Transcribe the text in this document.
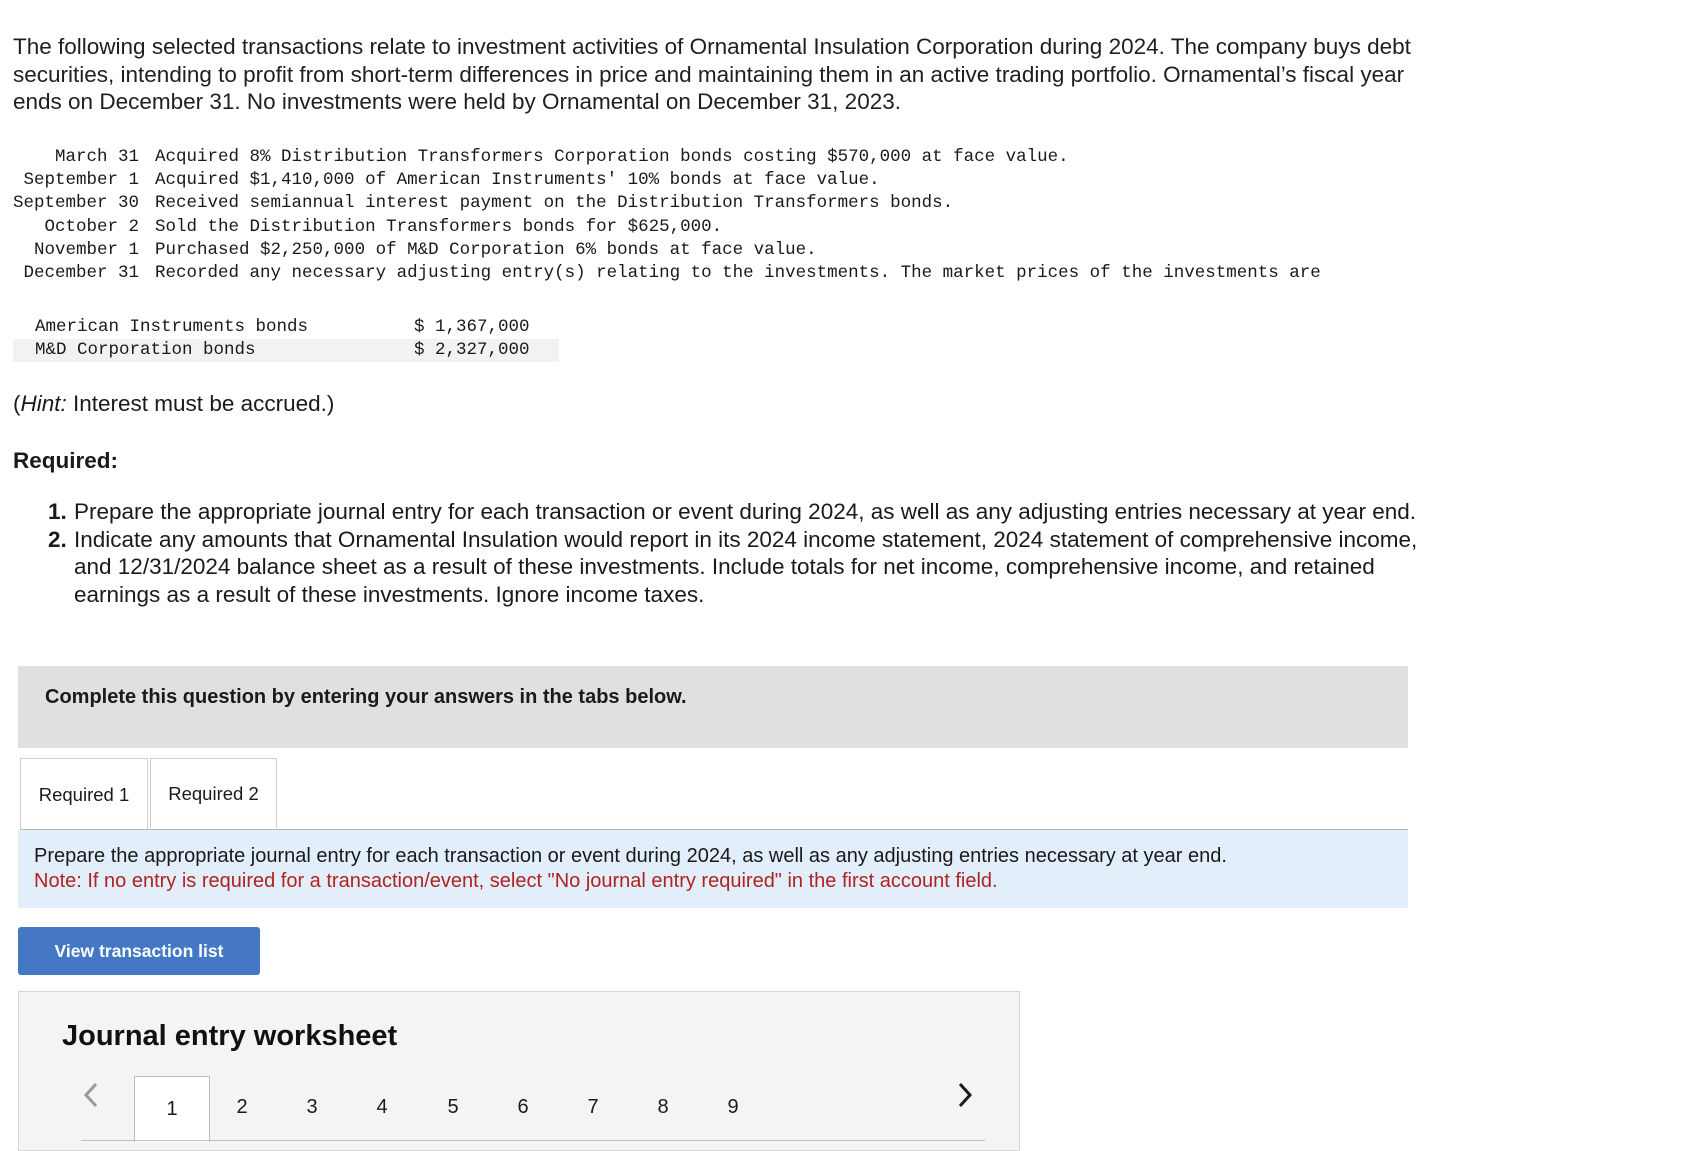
The following selected transactions relate to investment activities of Ornamental Insulation Corporation during 2024. The company buys debt securities, intending to profit from short-term differences in price and maintaining them in an active trading portfolio. Ornamental’s fiscal year ends on December 31. No investments were held by Ornamental on December 31, 2023.

March 31	Acquired 8% Distribution Transformers Corporation bonds costing $570,000 at face value.
September 1	Acquired $1,410,000 of American Instruments' 10% bonds at face value.
September 30	Received semiannual interest payment on the Distribution Transformers bonds.
October 2	Sold the Distribution Transformers bonds for $625,000.
November 1	Purchased $2,250,000 of M&D Corporation 6% bonds at face value.
December 31	Recorded any necessary adjusting entry(s) relating to the investments. The market prices of the investments are
American Instruments bonds	$ 1,367,000
M&D Corporation bonds	$ 2,327,000
(Hint: Interest must be accrued.)
Required:
1. Prepare the appropriate journal entry for each transaction or event during 2024, as well as any adjusting entries necessary at year end.
2. Indicate any amounts that Ornamental Insulation would report in its 2024 income statement, 2024 statement of comprehensive income, and 12/31/2024 balance sheet as a result of these investments. Include totals for net income, comprehensive income, and retained earnings as a result of these investments. Ignore income taxes.
Complete this question by entering your answers in the tabs below.
Required 1	Required 2

Prepare the appropriate journal entry for each transaction or event during 2024, as well as any adjusting entries necessary at year end.

Note: If no entry is required for a transaction/event, select "No journal entry required" in the first account field.

View transaction list
Journal entry worksheet
1	2	3	4	5	6	7	8	9
